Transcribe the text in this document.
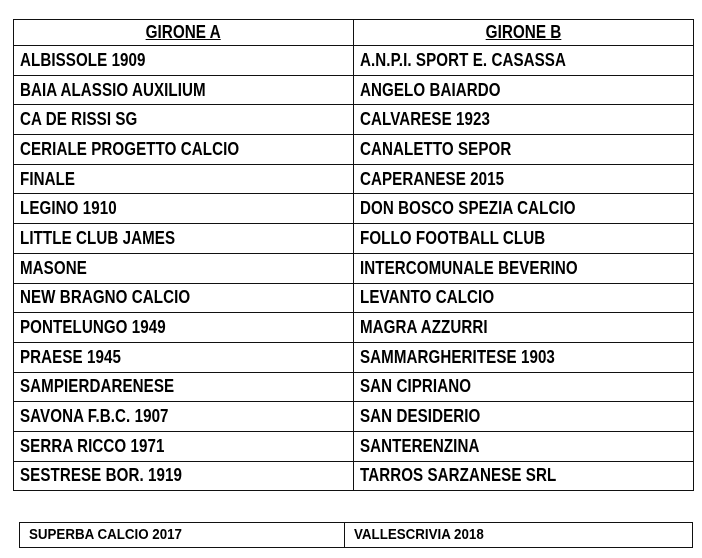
GIRONE A	GIRONE B
ALBISSOLE 1909	A.N.P.I. SPORT E. CASASSA
BAIA ALASSIO AUXILIUM	ANGELO BAIARDO
CA DE RISSI SG	CALVARESE 1923
CERIALE PROGETTO CALCIO	CANALETTO SEPOR
FINALE	CAPERANESE 2015
LEGINO 1910	DON BOSCO SPEZIA CALCIO
LITTLE CLUB JAMES	FOLLO FOOTBALL CLUB
MASONE	INTERCOMUNALE BEVERINO
NEW BRAGNO CALCIO	LEVANTO CALCIO
PONTELUNGO 1949	MAGRA AZZURRI
PRAESE 1945	SAMMARGHERITESE 1903
SAMPIERDARENESE	SAN CIPRIANO
SAVONA F.B.C. 1907	SAN DESIDERIO
SERRA RICCO 1971	SANTERENZINA
SESTRESE BOR. 1919	TARROS SARZANESE SRL
SUPERBA CALCIO 2017	VALLESCRIVIA 2018
